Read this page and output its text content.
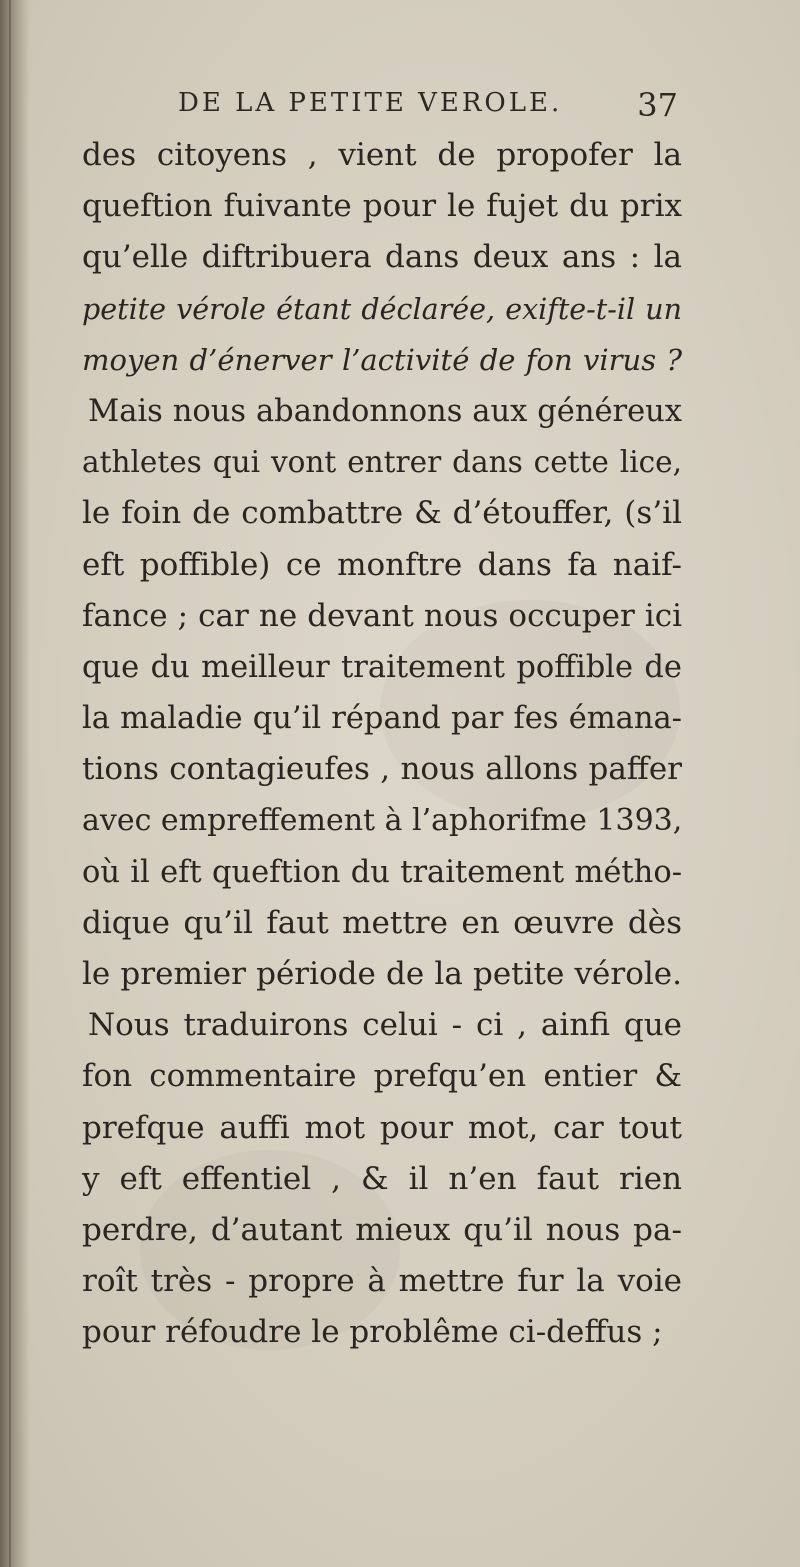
DE LA PETITE VEROLE. 37
des citoyens , vient de propofer la
queftion fuivante pour le fujet du prix
qu’elle diftribuera dans deux ans : la
petite vérole étant déclarée, exifte-t-il un
moyen d’énerver l’activité de fon virus ?
Mais nous abandonnons aux généreux
athletes qui vont entrer dans cette lice,
le foin de combattre & d’étouffer, (s’il
eft poffible) ce monftre dans fa naif-
fance ; car ne devant nous occuper ici
que du meilleur traitement poffible de
la maladie qu’il répand par fes émana-
tions contagieufes , nous allons paffer
avec empreffement à l’aphorifme 1393,
où il eft queftion du traitement métho-
dique qu’il faut mettre en œuvre dès
le premier période de la petite vérole.
Nous traduirons celui - ci , ainfi que
fon commentaire prefqu’en entier &
prefque auffi mot pour mot, car tout
y eft effentiel , & il n’en faut rien
perdre, d’autant mieux qu’il nous pa-
roît très - propre à mettre fur la voie
pour réfoudre le problême ci-deffus ;
